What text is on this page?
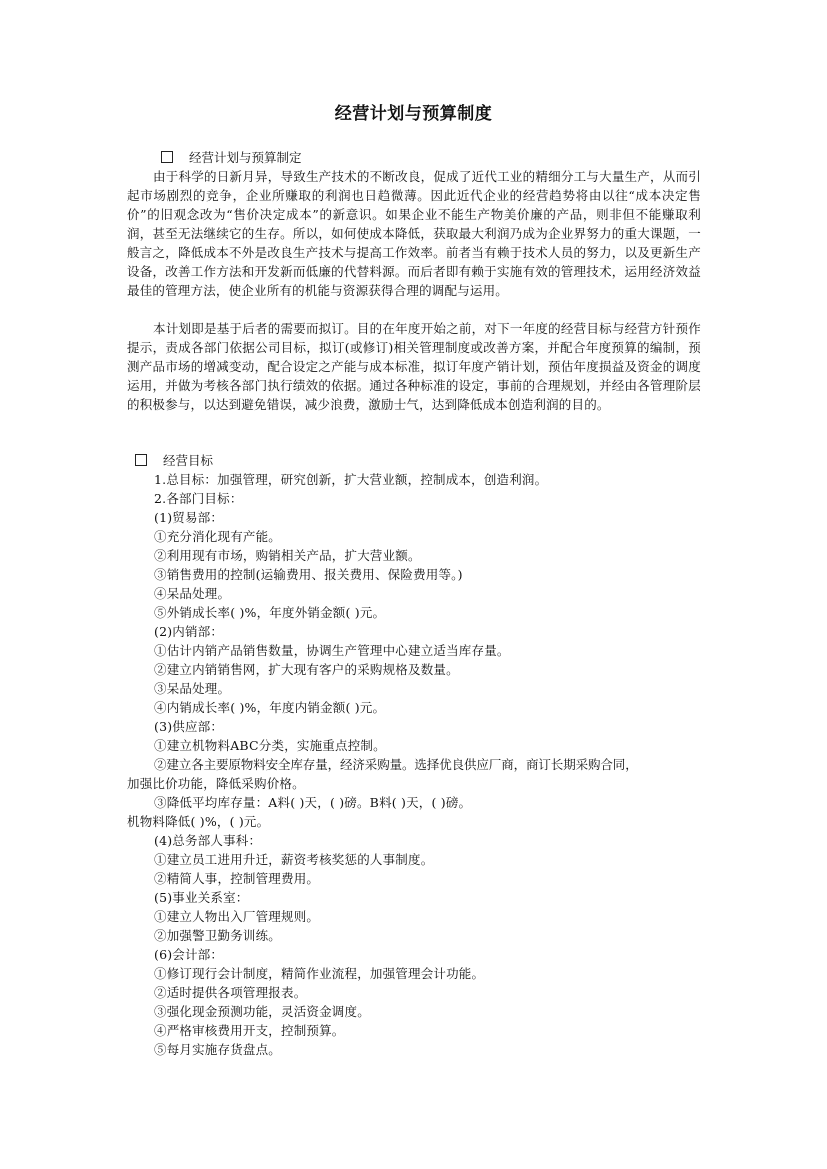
经营计划与预算制度
经营计划与预算制定
由于科学的日新月异，导致生产技术的不断改良，促成了近代工业的精细分工与大量生产，从而引起市场剧烈的竞争，企业所赚取的利润也日趋微薄。因此近代企业的经营趋势将由以往“成本决定售价”的旧观念改为“售价决定成本”的新意识。如果企业不能生产物美价廉的产品，则非但不能赚取利润，甚至无法继续它的生存。所以，如何使成本降低，获取最大利润乃成为企业界努力的重大课题，一般言之，降低成本不外是改良生产技术与提高工作效率。前者当有赖于技术人员的努力，以及更新生产设备，改善工作方法和开发新而低廉的代替料源。而后者即有赖于实施有效的管理技术，运用经济效益最佳的管理方法，使企业所有的机能与资源获得合理的调配与运用。
本计划即是基于后者的需要而拟订。目的在年度开始之前，对下一年度的经营目标与经营方针预作提示，责成各部门依据公司目标，拟订(或修订)相关管理制度或改善方案，并配合年度预算的编制，预测产品市场的增减变动，配合设定之产能与成本标准，拟订年度产销计划，预估年度损益及资金的调度运用，并做为考核各部门执行绩效的依据。通过各种标准的设定，事前的合理规划，并经由各管理阶层的积极参与，以达到避免错误，减少浪费，激励士气，达到降低成本创造利润的目的。
经营目标
1.总目标：加强管理，研究创新，扩大营业额，控制成本，创造利润。
2.各部门目标：
(1)贸易部：
①充分消化现有产能。
②利用现有市场，购销相关产品，扩大营业额。
③销售费用的控制(运输费用、报关费用、保险费用等。)
④呆品处理。
⑤外销成长率( )%，年度外销金额( )元。
(2)内销部：
①估计内销产品销售数量，协调生产管理中心建立适当库存量。
②建立内销销售网，扩大现有客户的采购规格及数量。
③呆品处理。
④内销成长率( )%，年度内销金额( )元。
(3)供应部：
①建立机物料ABC分类，实施重点控制。
②建立各主要原物料安全库存量，经济采购量。选择优良供应厂商，商订长期采购合同，
加强比价功能，降低采购价格。
③降低平均库存量：A料( )天，( )磅。B料( )天，( )磅。
机物料降低( )%，( )元。
(4)总务部人事科：
①建立员工进用升迁，薪资考核奖惩的人事制度。
②精简人事，控制管理费用。
(5)事业关系室：
①建立人物出入厂管理规则。
②加强警卫勤务训练。
(6)会计部：
①修订现行会计制度，精简作业流程，加强管理会计功能。
②适时提供各项管理报表。
③强化现金预测功能，灵活资金调度。
④严格审核费用开支，控制预算。
⑤每月实施存货盘点。
